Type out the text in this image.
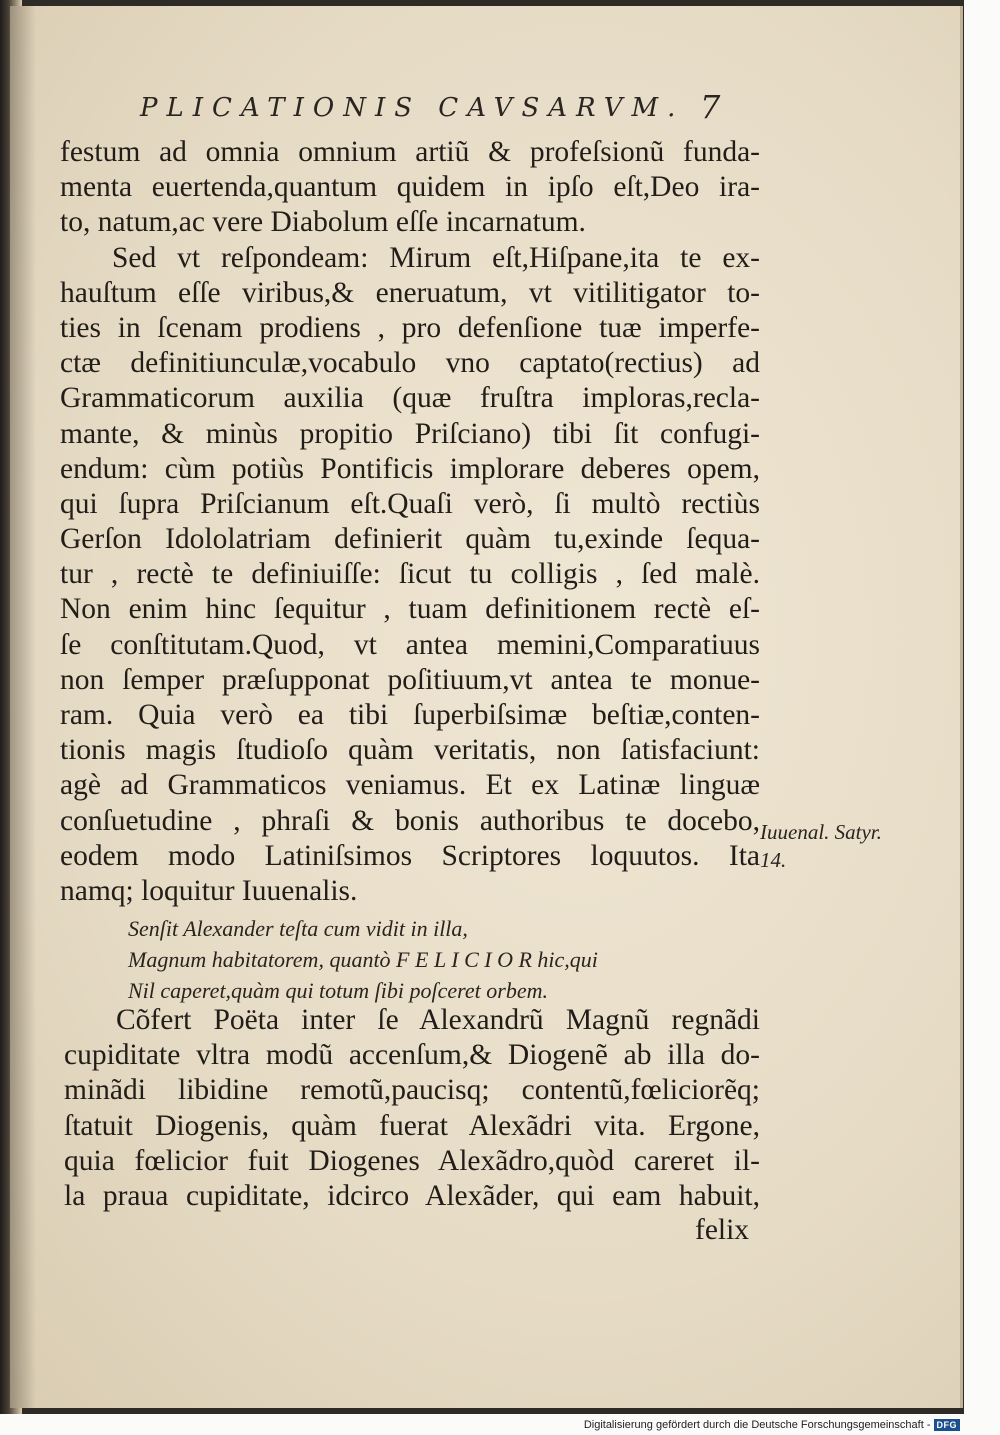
PLICATIONIS CAVSARVM. 7
festum ad omnia omnium artiũ & profeſsionũ funda-
menta euertenda,quantum quidem in ipſo eſt,Deo ira-
to, natum,ac vere Diabolum eſſe incarnatum.
Sed vt reſpondeam: Mirum eſt,Hiſpane,ita te ex-
hauſtum eſſe viribus,& eneruatum, vt vitilitigator to-
ties in ſcenam prodiens , pro defenſione tuæ imperfe-
ctæ definitiunculæ,vocabulo vno captato(rectius) ad
Grammaticorum auxilia (quæ fruſtra imploras,recla-
mante, & minùs propitio Priſciano) tibi ſit confugi-
endum: cùm potiùs Pontificis implorare deberes opem,
qui ſupra Priſcianum eſt.Quaſi verò, ſi multò rectiùs
Gerſon Idololatriam definierit quàm tu,exinde ſequa-
tur , rectè te definiuiſſe: ſicut tu colligis , ſed malè.
Non enim hinc ſequitur , tuam definitionem rectè eſ-
ſe conſtitutam.Quod, vt antea memini,Comparatiuus
non ſemper præſupponat poſitiuum,vt antea te monue-
ram. Quia verò ea tibi ſuperbiſsimæ beſtiæ,conten-
tionis magis ſtudioſo quàm veritatis, non ſatisfaciunt:
agè ad Grammaticos veniamus. Et ex Latinæ linguæ
conſuetudine , phraſi & bonis authoribus te docebo,
eodem modo Latiniſsimos Scriptores loquutos. Ita
namq; loquitur Iuuenalis.
Iuuenal. Satyr.
14.
Senſit Alexander teſta cum vidit in illa,
Magnum habitatorem, quantò F E L I C I O R hic,qui
Nil caperet,quàm qui totum ſibi poſceret orbem.
Cõfert Poëta inter ſe Alexandrũ Magnũ regnãdi
cupiditate vltra modũ accenſum,& Diogenẽ ab illa do-
minãdi libidine remotũ,paucisq; contentũ,fœliciorẽq;
ſtatuit Diogenis, quàm fuerat Alexãdri vita. Ergone,
quia fœlicior fuit Diogenes Alexãdro,quòd careret il-
la praua cupiditate, idcirco Alexãder, qui eam habuit,
felix
Digitalisierung gefördert durch die Deutsche Forschungsgemeinschaft - DFG
